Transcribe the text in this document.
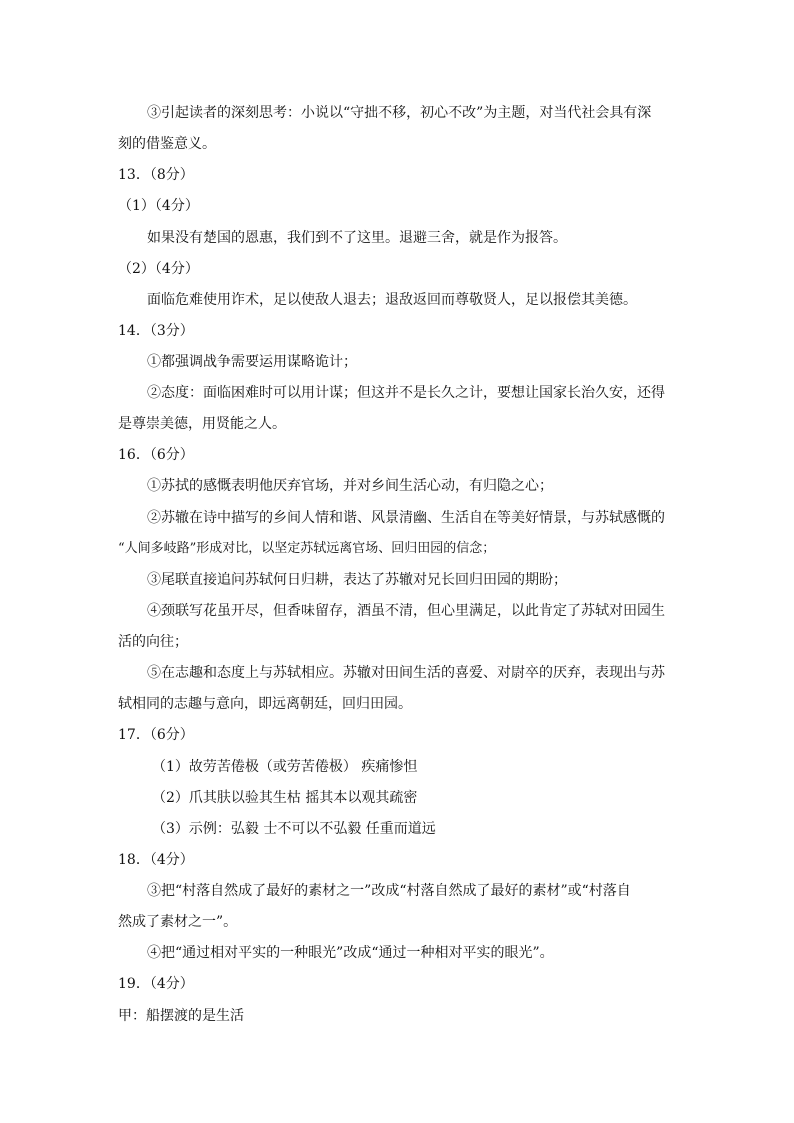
③引起读者的深刻思考：小说以“守拙不移，初心不改”为主题，对当代社会具有深
刻的借鉴意义。
13．（8分）
（1）（4分）
如果没有楚国的恩惠，我们到不了这里。退避三舍，就是作为报答。
（2）（4分）
面临危难使用诈术，足以使敌人退去；退敌返回而尊敬贤人，足以报偿其美德。
14．（3分）
①都强调战争需要运用谋略诡计；
②态度：面临困难时可以用计谋；但这并不是长久之计，要想让国家长治久安，还得
是尊崇美德，用贤能之人。
16．（6分）
①苏拭的感慨表明他厌弃官场，并对乡间生活心动，有归隐之心；
②苏辙在诗中描写的乡间人情和谐、风景清幽、生活自在等美好情景，与苏轼感慨的
“人间多岐路”形成对比，以坚定苏轼远离官场、回归田园的信念；
③尾联直接追问苏轼何日归耕，表达了苏辙对兄长回归田园的期盼；
④颈联写花虽开尽，但香味留存，酒虽不清，但心里满足，以此肯定了苏轼对田园生
活的向往；
⑤在志趣和态度上与苏轼相应。苏辙对田间生活的喜爱、对尉卒的厌弃，表现出与苏
轼相同的志趣与意向，即远离朝廷，回归田园。
17．（6分）
（1）故劳苦倦极（或劳苦倦极） 疾痛惨怛
（2）爪其肤以验其生枯 摇其本以观其疏密
（3）示例：弘毅 士不可以不弘毅 任重而道远
18．（4分）
③把“村落自然成了最好的素材之一”改成“村落自然成了最好的素材”或“村落自
然成了素材之一”。
④把“通过相对平实的一种眼光”改成“通过一种相对平实的眼光”。
19．（4分）
甲：船摆渡的是生活
